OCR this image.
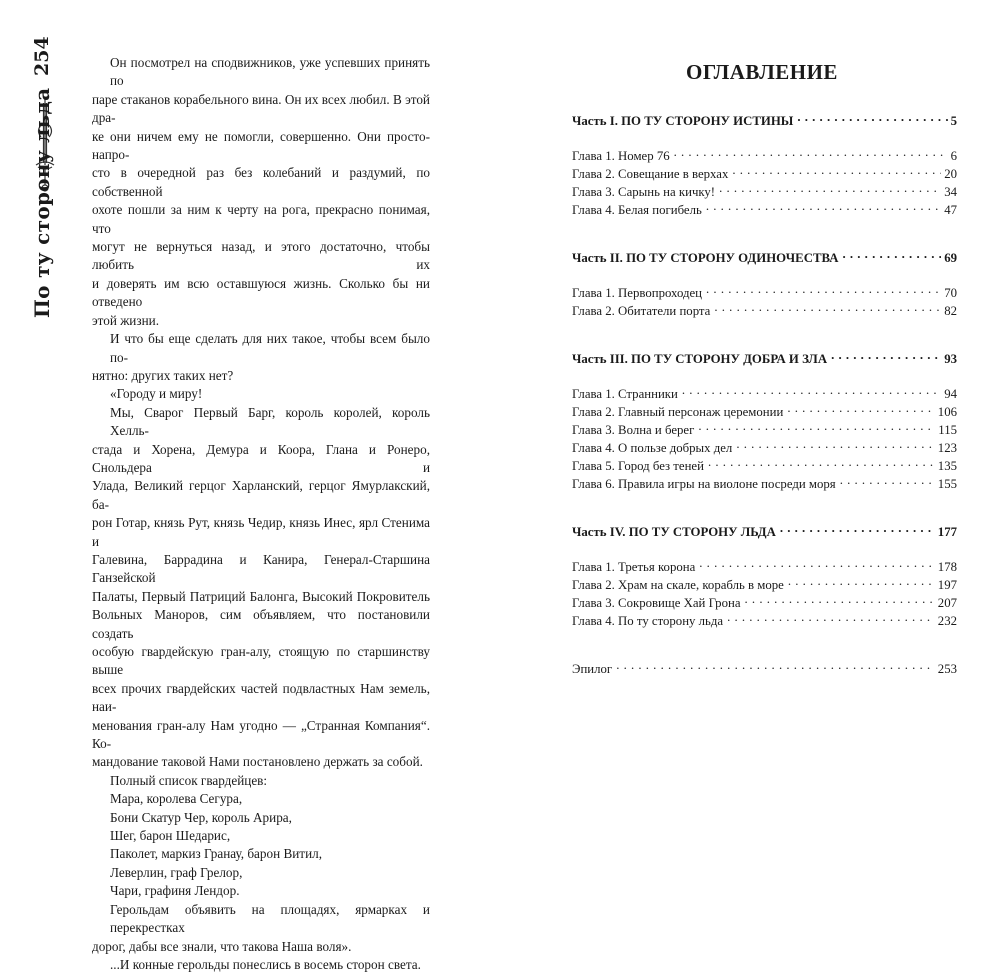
254
По ту сторону льда
Он посмотрел на сподвижников, уже успевших принять по
паре стаканов корабельного вина. Он их всех любил. В этой дра-
ке они ничем ему не помогли, совершенно. Они просто-напро-
сто в очередной раз без колебаний и раздумий, по собственной
охоте пошли за ним к черту на рога, прекрасно понимая, что
могут не вернуться назад, и этого достаточно, чтобы любить их
и доверять им всю оставшуюся жизнь. Сколько бы ни отведено
этой жизни.
И что бы еще сделать для них такое, чтобы всем было по-
нятно: других таких нет?
«Городу и миру!
Мы, Сварог Первый Барг, король королей, король Хелль-
стада и Хорена, Демура и Коора, Глана и Ронеро, Снольдера и
Улада, Великий герцог Харланский, герцог Ямурлакский, ба-
рон Готар, князь Рут, князь Чедир, князь Инес, ярл Стенима и
Галевина, Баррадина и Канира, Генерал-Старшина Ганзейской
Палаты, Первый Патриций Балонга, Высокий Покровитель
Вольных Маноров, сим объявляем, что постановили создать
особую гвардейскую гран-алу, стоящую по старшинству выше
всех прочих гвардейских частей подвластных Нам земель, наи-
менования гран-алу Нам угодно — „Странная Компания“. Ко-
мандование таковой Нами постановлено держать за собой.
Полный список гвардейцев:
Мара, королева Сегура,
Бони Скатур Чер, король Арира,
Шег, барон Шедарис,
Паколет, маркиз Гранау, барон Витил,
Леверлин, граф Грелор,
Чари, графиня Лендор.
Герольдам объявить на площадях, ярмарках и перекрестках
дорог, дабы все знали, что такова Наша воля».
...И конные герольды понеслись в восемь сторон света.
ОГЛАВЛЕНИЕ
Часть I. ПО ТУ СТОРОНУ ИСТИНЫ . . .	5
Глава 1. Номер 76 . . .	6
Глава 2. Совещание в верхах . . .	20
Глава 3. Сарынь на кичку! . . .	34
Глава 4. Белая погибель . . .	47
Часть II. ПО ТУ СТОРОНУ ОДИНОЧЕСТВА . . .	69
Глава 1. Первопроходец . . .	70
Глава 2. Обитатели порта . . .	82
Часть III. ПО ТУ СТОРОНУ ДОБРА И ЗЛА . . .	93
Глава 1. Странники . . .	94
Глава 2. Главный персонаж церемонии . . .	106
Глава 3. Волна и берег . . .	115
Глава 4. О пользе добрых дел . . .	123
Глава 5. Город без теней . . .	135
Глава 6. Правила игры на виолоне посреди моря . . .	155
Часть IV. ПО ТУ СТОРОНУ ЛЬДА . . .	177
Глава 1. Третья корона . . .	178
Глава 2. Храм на скале, корабль в море . . .	197
Глава 3. Сокровище Хай Грона . . .	207
Глава 4. По ту сторону льда . . .	232
Эпилог . . .	253
